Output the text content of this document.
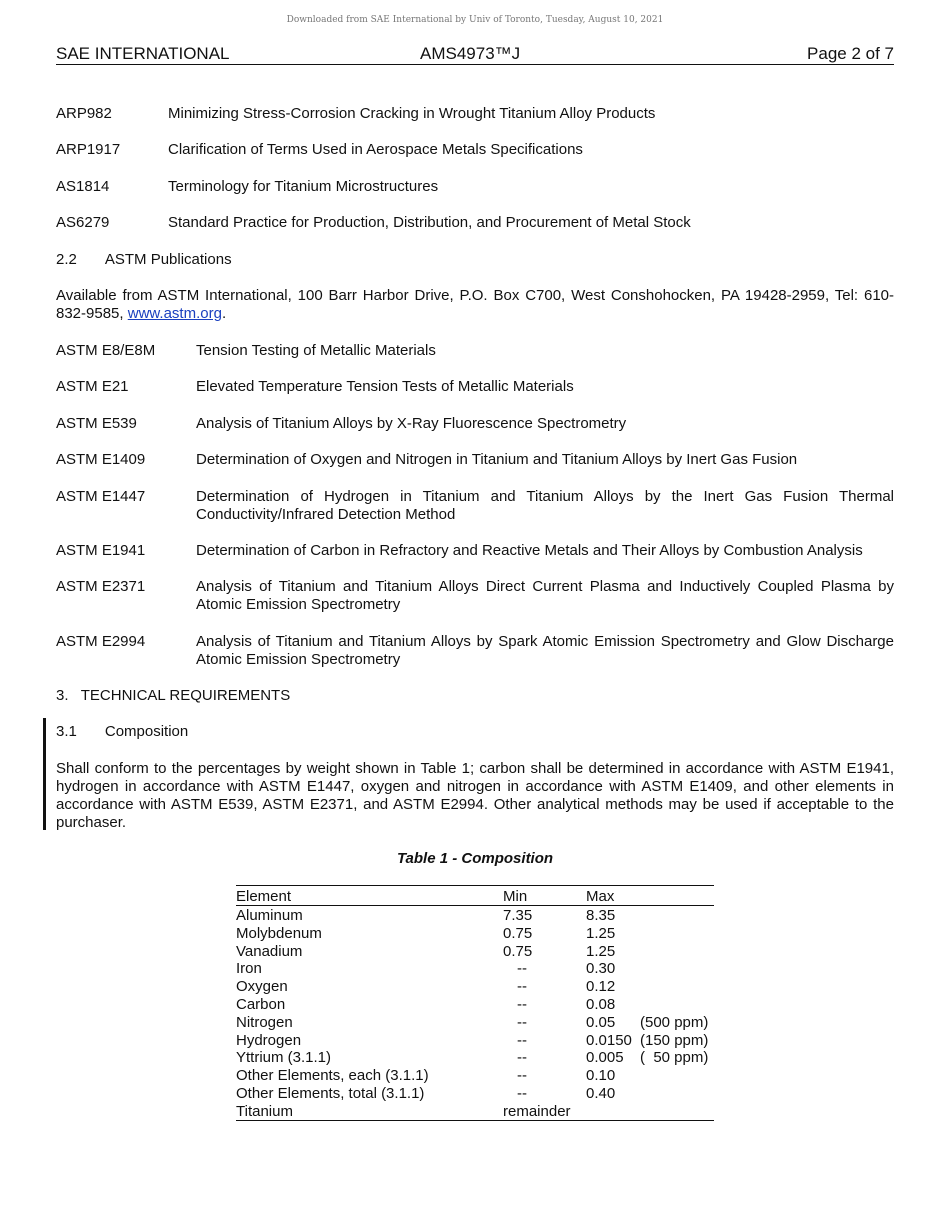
Downloaded from SAE International by Univ of Toronto, Tuesday, August 10, 2021
SAE INTERNATIONAL	AMS4973™J	Page 2 of 7
ARP982	Minimizing Stress-Corrosion Cracking in Wrought Titanium Alloy Products
ARP1917	Clarification of Terms Used in Aerospace Metals Specifications
AS1814	Terminology for Titanium Microstructures
AS6279	Standard Practice for Production, Distribution, and Procurement of Metal Stock
2.2 ASTM Publications
Available from ASTM International, 100 Barr Harbor Drive, P.O. Box C700, West Conshohocken, PA 19428-2959, Tel: 610-832-9585, www.astm.org.
ASTM E8/E8M	Tension Testing of Metallic Materials
ASTM E21	Elevated Temperature Tension Tests of Metallic Materials
ASTM E539	Analysis of Titanium Alloys by X-Ray Fluorescence Spectrometry
ASTM E1409	Determination of Oxygen and Nitrogen in Titanium and Titanium Alloys by Inert Gas Fusion
ASTM E1447	Determination of Hydrogen in Titanium and Titanium Alloys by the Inert Gas Fusion Thermal Conductivity/Infrared Detection Method
ASTM E1941	Determination of Carbon in Refractory and Reactive Metals and Their Alloys by Combustion Analysis
ASTM E2371	Analysis of Titanium and Titanium Alloys Direct Current Plasma and Inductively Coupled Plasma by Atomic Emission Spectrometry
ASTM E2994	Analysis of Titanium and Titanium Alloys by Spark Atomic Emission Spectrometry and Glow Discharge Atomic Emission Spectrometry
3.   TECHNICAL REQUIREMENTS
3.1 Composition
Shall conform to the percentages by weight shown in Table 1; carbon shall be determined in accordance with ASTM E1941, hydrogen in accordance with ASTM E1447, oxygen and nitrogen in accordance with ASTM E1409, and other elements in accordance with ASTM E539, ASTM E2371, and ASTM E2994. Other analytical methods may be used if acceptable to the purchaser.
Table 1 - Composition
Element	Min	Max
Aluminum	7.35	8.35
Molybdenum	0.75	1.25
Vanadium	0.75	1.25
Iron	--	0.30
Oxygen	--	0.12
Carbon	--	0.08
Nitrogen	--	0.05 (500 ppm)
Hydrogen	--	0.0150 (150 ppm)
Yttrium (3.1.1)	--	0.005 (  50 ppm)
Other Elements, each (3.1.1)	--	0.10
Other Elements, total (3.1.1)	--	0.40
Titanium	remainder
